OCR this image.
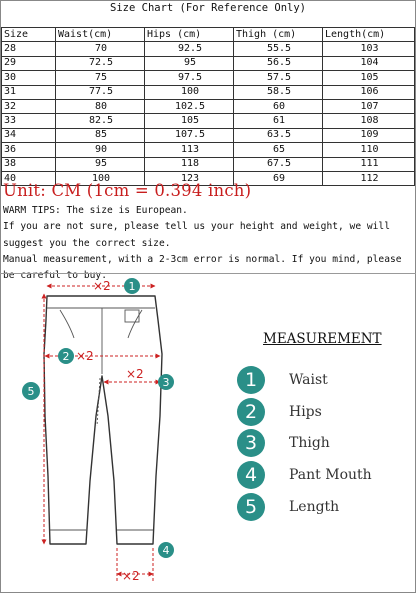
Size Chart (For Reference Only)
Size	Waist(cm)	Hips (cm)	Thigh (cm)	Length(cm)
28	70	92.5	55.5	103
29	72.5	95	56.5	104
30	75	97.5	57.5	105
31	77.5	100	58.5	106
32	80	102.5	60	107
33	82.5	105	61	108
34	85	107.5	63.5	109
36	90	113	65	110
38	95	118	67.5	111
40	100	123	69	112
Unit: CM (1cm = 0.394 inch)
WARM TIPS: The size is European.
If you are not sure, please tell us your height and weight, we will suggest you the correct size.
Manual measurement, with a 2-3cm error is normal. If you mind, please be careful to buy.
×2 1
2 ×2
×2
3
5
×2
4
MEASUREMENT
1	Waist
2	Hips
3	Thigh
4	Pant Mouth
5	Length
